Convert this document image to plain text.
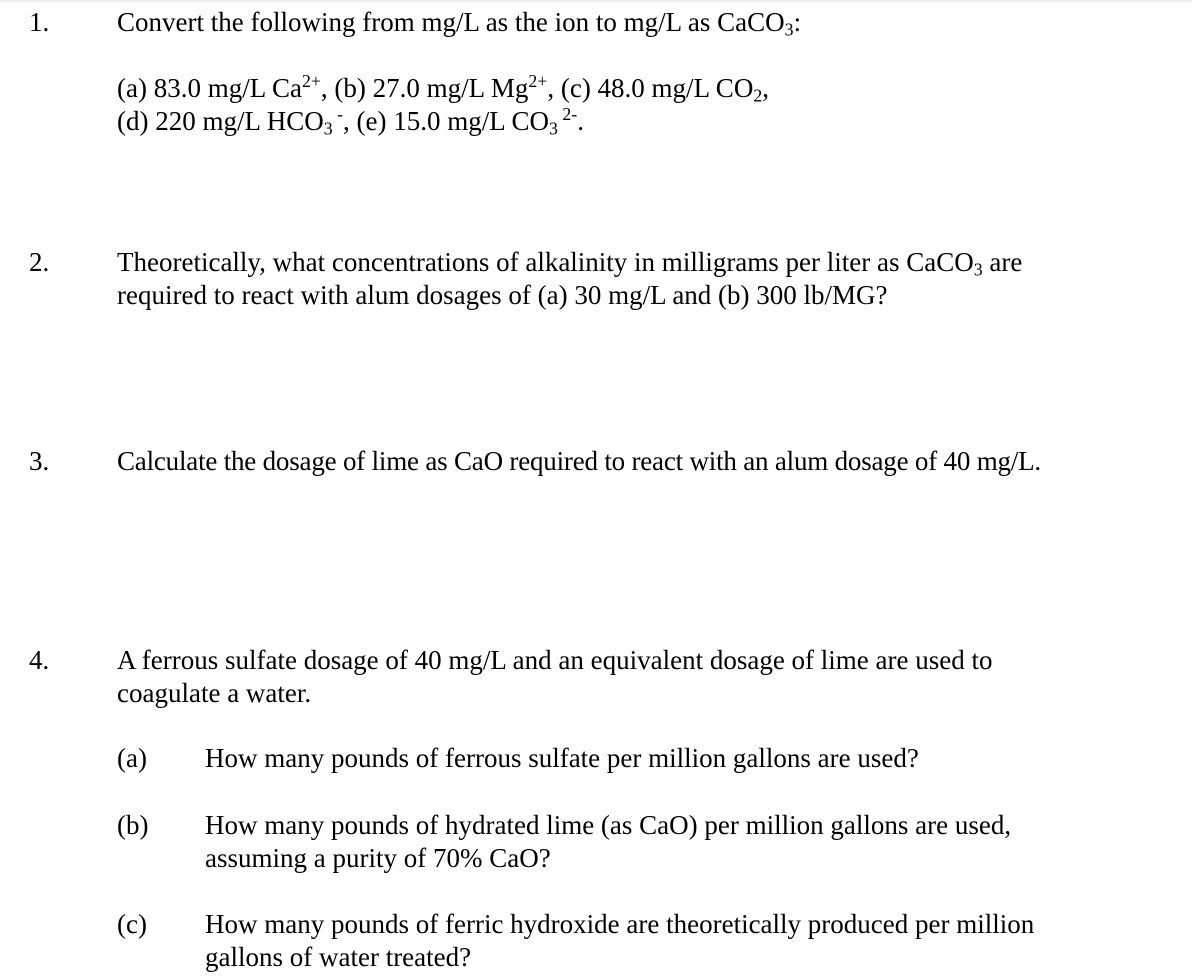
1.	Convert the following from mg/L as the ion to mg/L as CaCO$_3$:
(a) 83.0 mg/L $Ca^{2+}$, (b) 27.0 mg/L $Mg^{2+}$, (c) 48.0 mg/L $CO_2$,
(d) 220 mg/L $HCO_3$ -, (e) 15.0 mg/L $CO_3$ $^{2-}$.
2.	Theoretically, what concentrations of alkalinity in milligrams per liter as CaCO$_3$ are
required to react with alum dosages of (a) 30 mg/L and (b) 300 lb/MG?
3.	Calculate the dosage of lime as CaO required to react with an alum dosage of 40 mg/L.
4.	A ferrous sulfate dosage of 40 mg/L and an equivalent dosage of lime are used to
coagulate a water.
(a) How many pounds of ferrous sulfate per million gallons are used?
(b) How many pounds of hydrated lime (as CaO) per million gallons are used,
assuming a purity of 70% CaO?
(c) How many pounds of ferric hydroxide are theoretically produced per million
gallons of water treated?
